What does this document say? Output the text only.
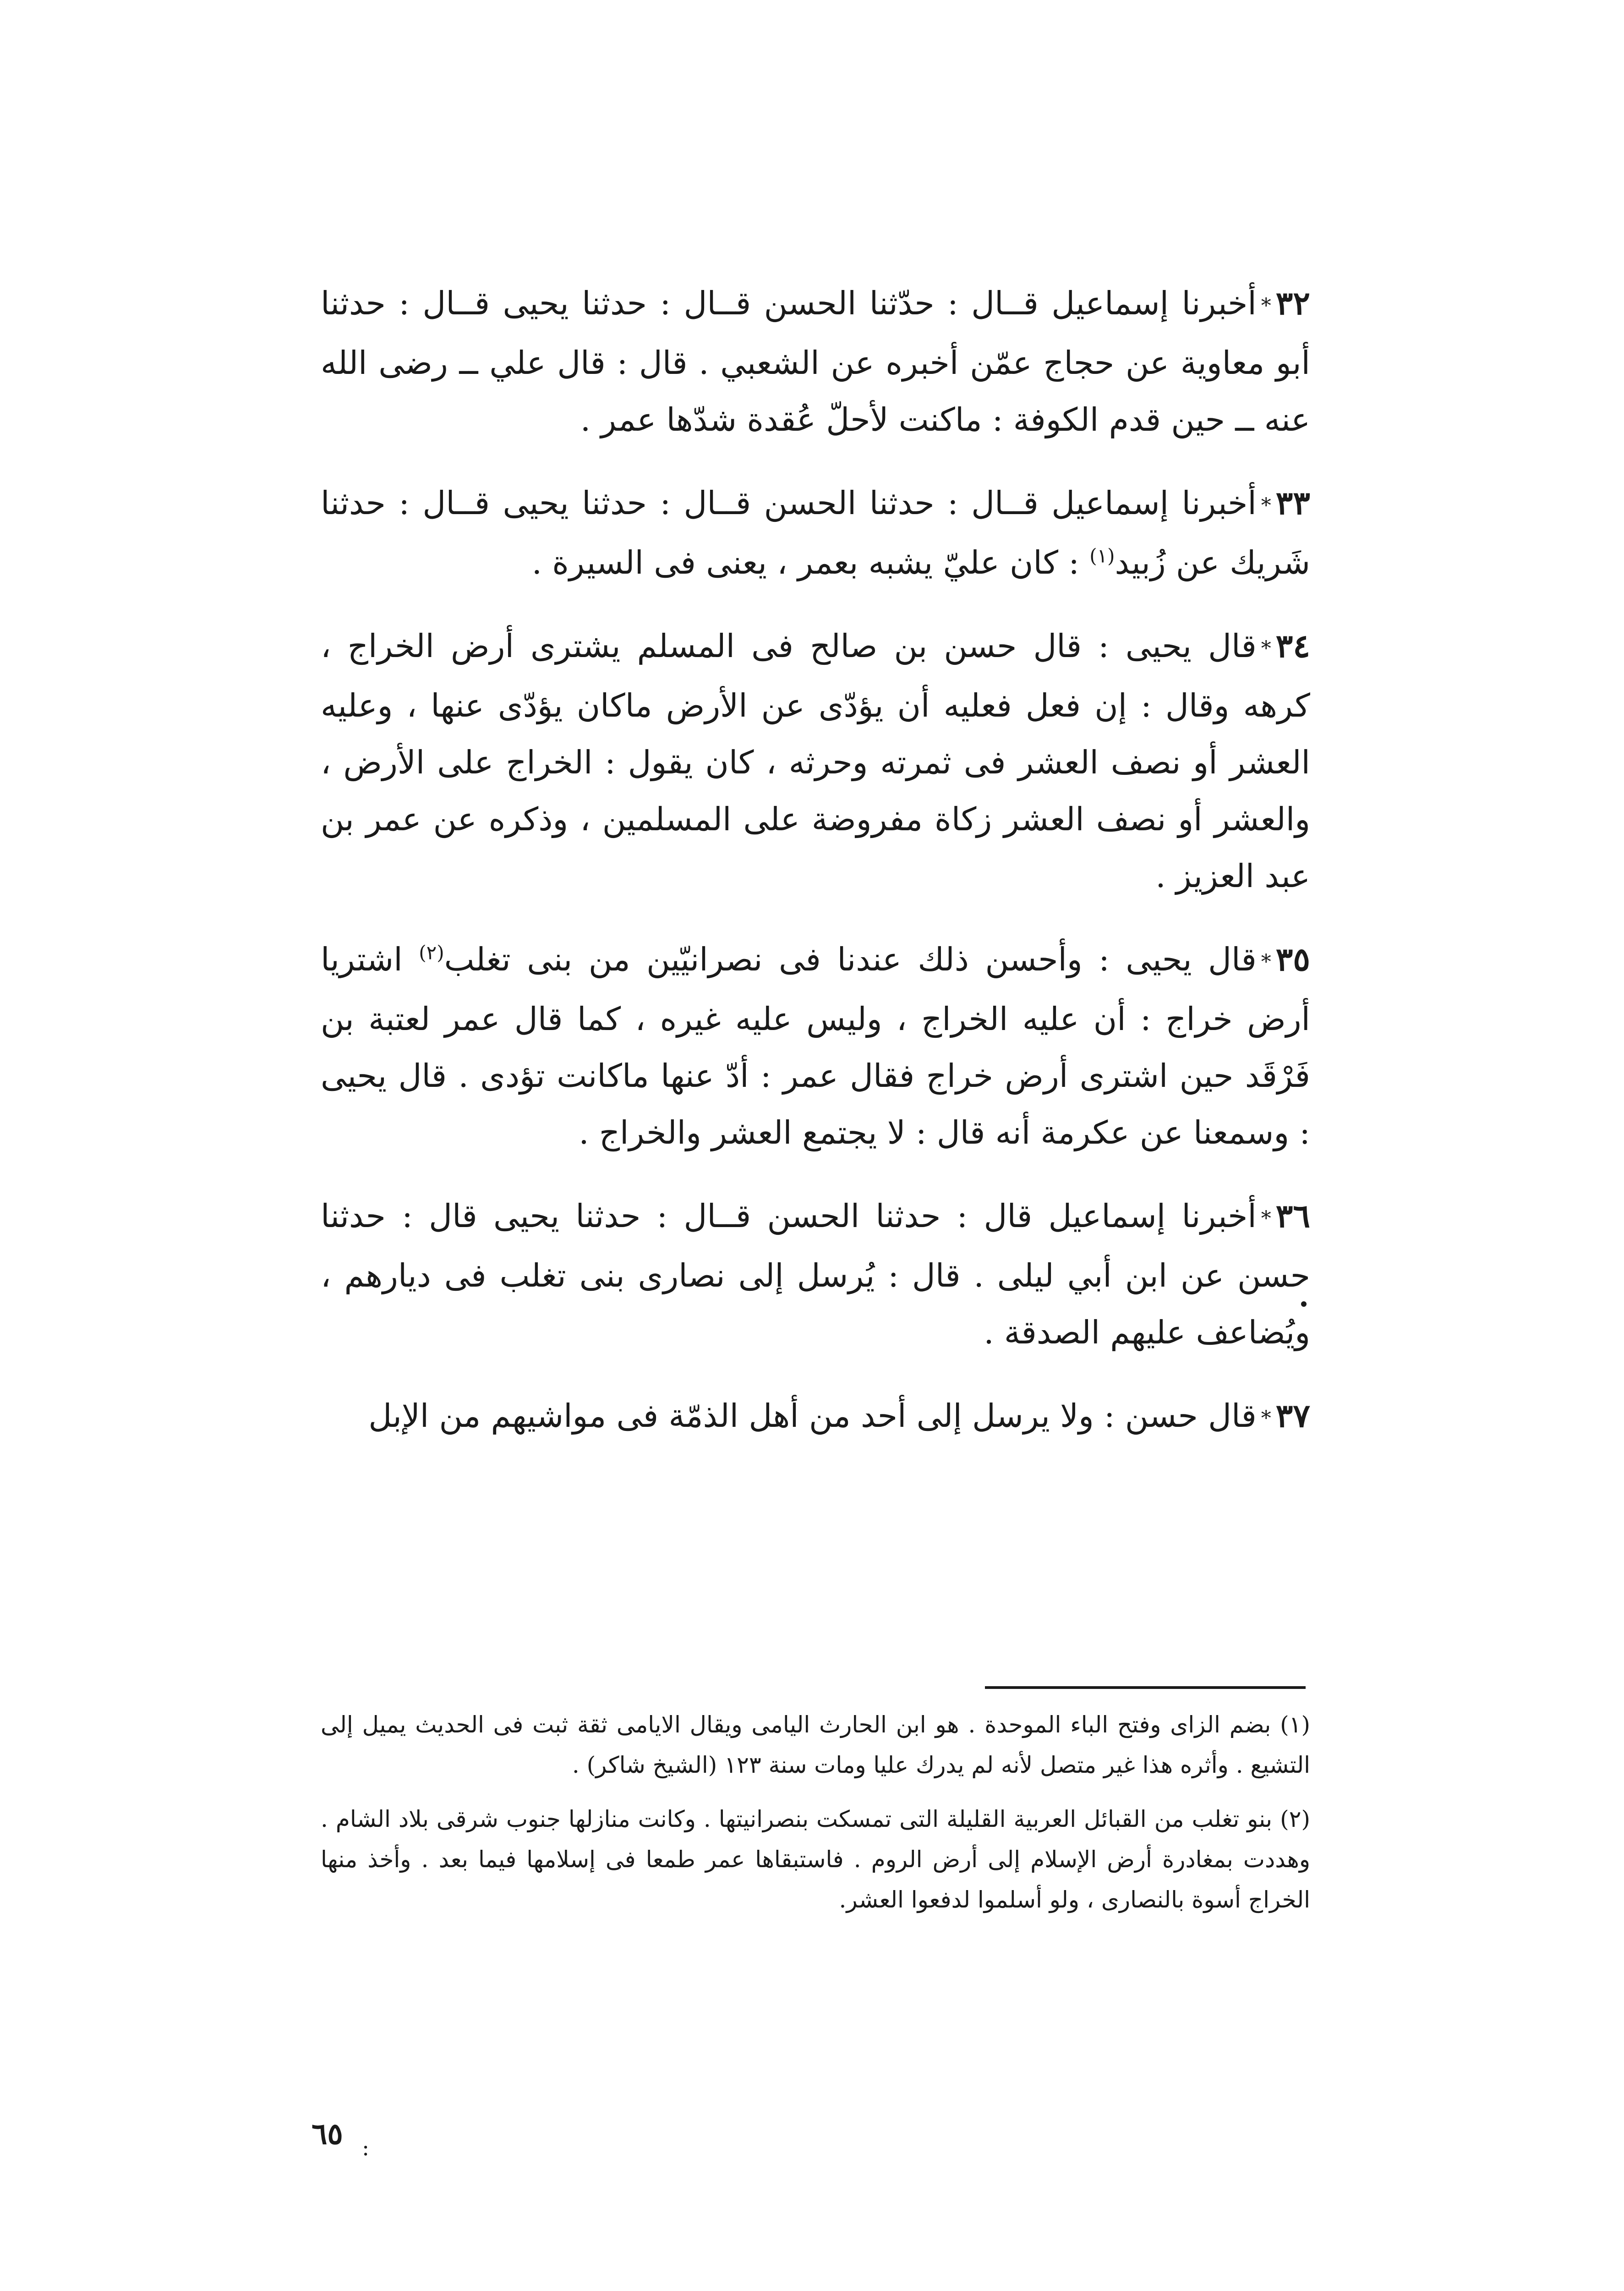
٣٢*أخبرنا إسماعيل قــال : حدّثنا الحسن قــال : حدثنا يحيى قــال : حدثنا أبو معاوية عن حجاج عمّن أخبره عن الشعبي . قال : قال علي ــ رضى الله عنه ــ حين قدم الكوفة : ماكنت لأحلّ عُقدة شدّها عمر .

٣٣*أخبرنا إسماعيل قــال : حدثنا الحسن قــال : حدثنا يحيى قــال : حدثنا شَريك عن زُبيد$^{(١)}$ : كان عليّ يشبه بعمر ، يعنى فى السيرة .

٣٤*قال يحيى : قال حسن بن صالح فى المسلم يشترى أرض الخراج ، كرهه وقال : إن فعل فعليه أن يؤدّى عن الأرض ماكان يؤدّى عنها ، وعليه العشر أو نصف العشر فى ثمرته وحرثه ، كان يقول : الخراج على الأرض ، والعشر أو نصف العشر زكاة مفروضة على المسلمين ، وذكره عن عمر بن عبد العزيز .

٣٥*قال يحيى : وأحسن ذلك عندنا فى نصرانيّين من بنى تغلب$^{(٢)}$ اشتريا أرض خراج : أن عليه الخراج ، وليس عليه غيره ، كما قال عمر لعتبة بن فَرْقَد حين اشترى أرض خراج فقال عمر : أدّ عنها ماكانت تؤدى . قال يحيى : وسمعنا عن عكرمة أنه قال : لا يجتمع العشر والخراج .

٣٦*أخبرنا إسماعيل قال : حدثنا الحسن قــال : حدثنا يحيى قال : حدثنا حسن عن ابن أبي ليلى . قال : يُرسل إلى نصارى بنى تغلب فى ديارهم ، ويُضاعف عليهم الصدقة .

٣٧*قال حسن : ولا يرسل إلى أحد من أهل الذمّة فى مواشيهم من الإبل

(١) بضم الزاى وفتح الباء الموحدة . هو ابن الحارث اليامى ويقال الايامى ثقة ثبت فى الحديث يميل إلى التشيع . وأثره هذا غير متصل لأنه لم يدرك عليا ومات سنة ١٢٣ (الشيخ شاكر) .

(٢) بنو تغلب من القبائل العربية القليلة التى تمسكت بنصرانيتها . وكانت منازلها جنوب شرقى بلاد الشام . وهددت بمغادرة أرض الإسلام إلى أرض الروم . فاستبقاها عمر طمعا فى إسلامها فيما بعد . وأخذ منها الخراج أسوة بالنصارى ، ولو أسلموا لدفعوا العشر.

٦٥ :
